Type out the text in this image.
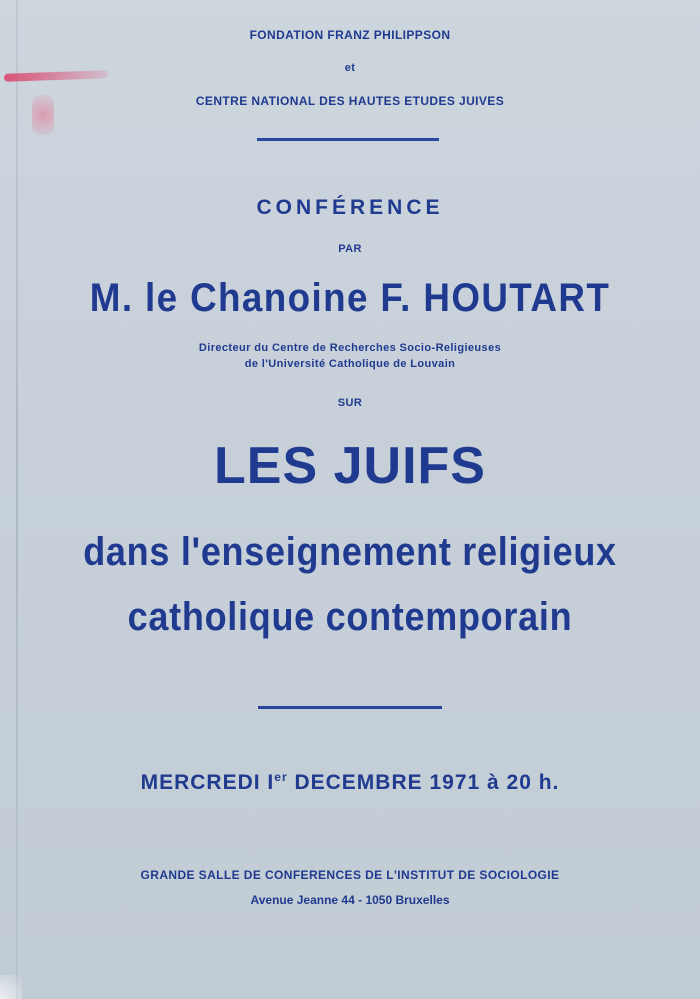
FONDATION FRANZ PHILIPPSON
et
CENTRE NATIONAL DES HAUTES ETUDES JUIVES
CONFÉRENCE
PAR
M. le Chanoine F. HOUTART
Directeur du Centre de Recherches Socio-Religieuses
de l'Université Catholique de Louvain
SUR
LES JUIFS
dans l'enseignement religieux
catholique contemporain
MERCREDI Ier DECEMBRE 1971 à 20 h.
GRANDE SALLE DE CONFERENCES DE L'INSTITUT DE SOCIOLOGIE
Avenue Jeanne 44 - 1050 Bruxelles
